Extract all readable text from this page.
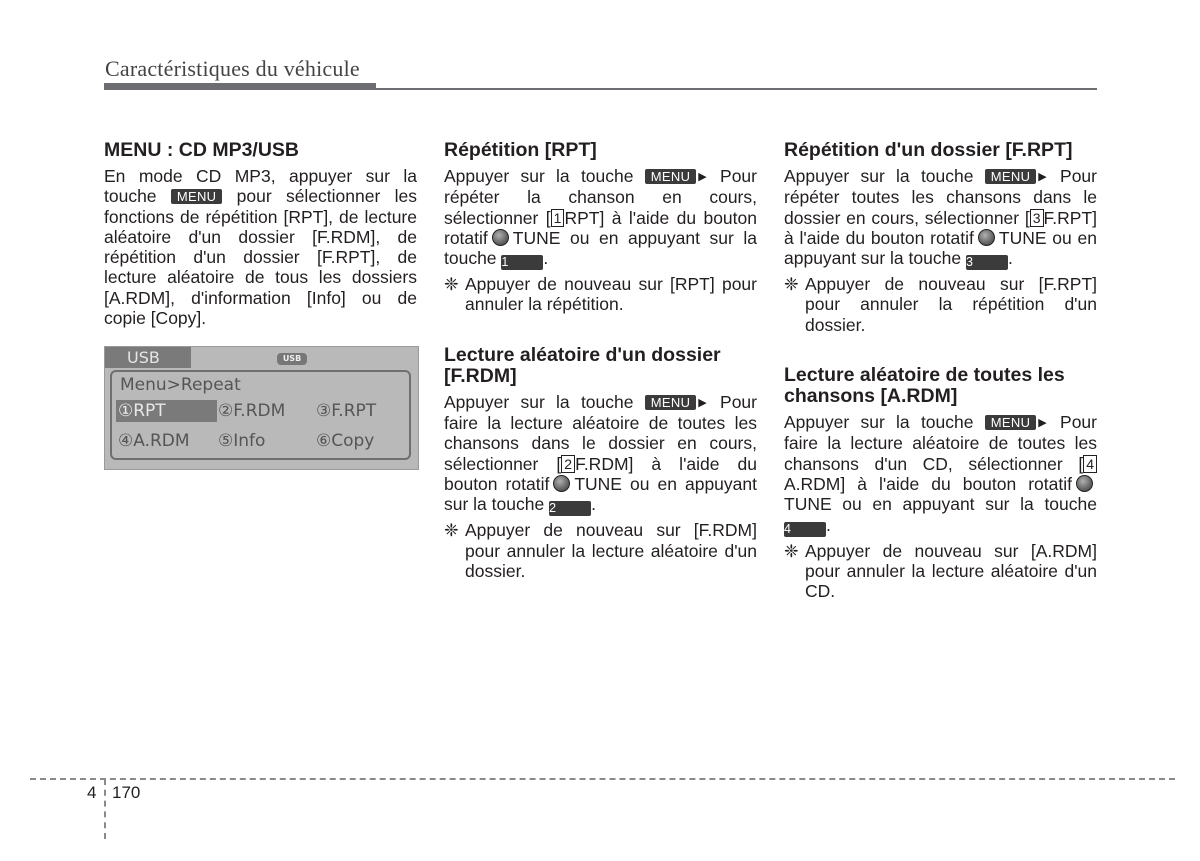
Caractéristiques du véhicule
MENU : CD MP3/USB

En mode CD MP3, appuyer sur la touche MENU pour sélectionner les fonctions de répétition [RPT], de lecture aléatoire d'un dossier [F.RDM], de répétition d'un dossier [F.RPT], de lecture aléatoire de tous les dossiers [A.RDM], d'information [Info] ou de copie [Copy].

USB	USB
Menu>Repeat
①RPT	②F.RDM ③F.RPT
④A.RDM ⑤Info	⑥Copy
Répétition [RPT]

Appuyer sur la touche MENU ▶ Pour répéter la chanson en cours, sélectionner [ 1 RPT] à l'aide du bouton rotatif TUNE ou en appuyant sur la touche 1 .

❈ Appuyer de nouveau sur [RPT] pour annuler la répétition.

Lecture aléatoire d'un dossier [F.RDM]

Appuyer sur la touche MENU ▶ Pour faire la lecture aléatoire de toutes les chansons dans le dossier en cours, sélectionner [ 2 F.RDM] à l'aide du bouton rotatif TUNE ou en appuyant sur la touche 2 .

❈ Appuyer de nouveau sur [F.RDM] pour annuler la lecture aléatoire d'un dossier.

Répétition d'un dossier [F.RPT]

Appuyer sur la touche MENU ▶ Pour répéter toutes les chansons dans le dossier en cours, sélectionner [ 3 F.RPT] à l'aide du bouton rotatif TUNE ou en appuyant sur la touche 3 .

❈ Appuyer de nouveau sur [F.RPT] pour annuler la répétition d'un dossier.

Lecture aléatoire de toutes les chansons [A.RDM]

Appuyer sur la touche MENU ▶ Pour faire la lecture aléatoire de toutes les chansons d'un CD, sélectionner [ 4A.RDM] à l'aide du bouton rotatifTUNE ou en appuyant sur la touche 4 .

❈ Appuyer de nouveau sur [A.RDM] pour annuler la lecture aléatoire d'un CD.

4 170
